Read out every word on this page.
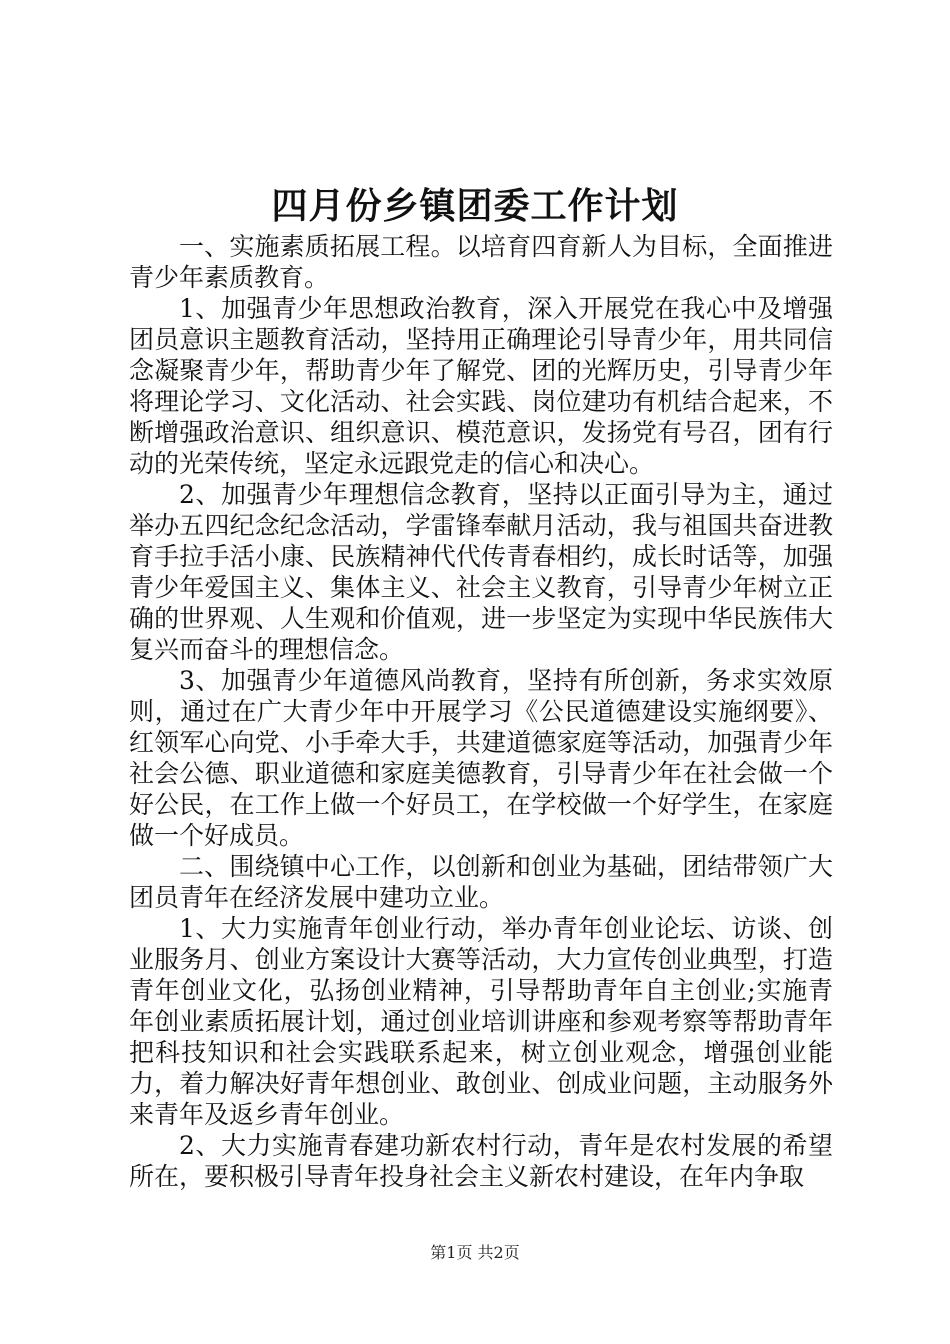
四月份乡镇团委工作计划

一、实施素质拓展工程。以培育四育新人为目标，全面推进青少年素质教育。

1、加强青少年思想政治教育，深入开展党在我心中及增强团员意识主题教育活动，坚持用正确理论引导青少年，用共同信念凝聚青少年，帮助青少年了解党、团的光辉历史，引导青少年将理论学习、文化活动、社会实践、岗位建功有机结合起来，不断增强政治意识、组织意识、模范意识，发扬党有号召，团有行动的光荣传统，坚定永远跟党走的信心和决心。

2、加强青少年理想信念教育，坚持以正面引导为主，通过举办五四纪念纪念活动，学雷锋奉献月活动，我与祖国共奋进教育手拉手活小康、民族精神代代传青春相约，成长时话等，加强青少年爱国主义、集体主义、社会主义教育，引导青少年树立正确的世界观、人生观和价值观，进一步坚定为实现中华民族伟大复兴而奋斗的理想信念。

3、加强青少年道德风尚教育，坚持有所创新，务求实效原则，通过在广大青少年中开展学习《公民道德建设实施纲要》、红领军心向党、小手牵大手，共建道德家庭等活动，加强青少年社会公德、职业道德和家庭美德教育，引导青少年在社会做一个好公民，在工作上做一个好员工，在学校做一个好学生，在家庭做一个好成员。

二、围绕镇中心工作，以创新和创业为基础，团结带领广大团员青年在经济发展中建功立业。

1、大力实施青年创业行动，举办青年创业论坛、访谈、创业服务月、创业方案设计大赛等活动，大力宣传创业典型，打造青年创业文化，弘扬创业精神，引导帮助青年自主创业;实施青年创业素质拓展计划，通过创业培训讲座和参观考察等帮助青年把科技知识和社会实践联系起来，树立创业观念，增强创业能力，着力解决好青年想创业、敢创业、创成业问题，主动服务外来青年及返乡青年创业。

2、大力实施青春建功新农村行动，青年是农村发展的希望所在，要积极引导青年投身社会主义新农村建设，在年内争取

第1页 共2页
